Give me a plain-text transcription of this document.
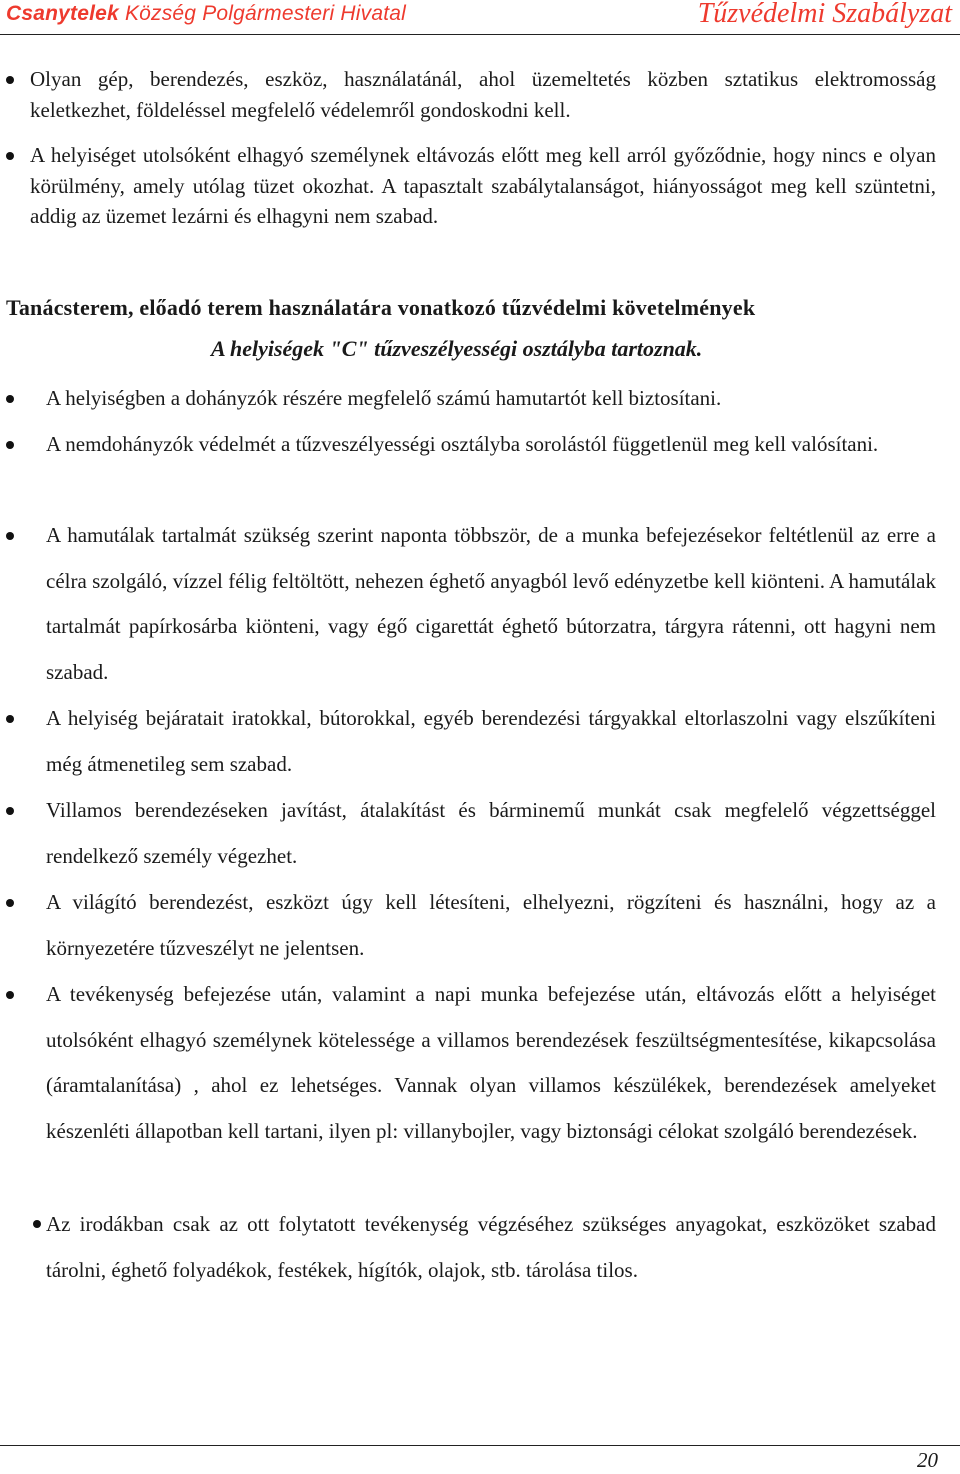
Csanytelek Község Polgármesteri Hivatal	Tűzvédelmi Szabályzat
Olyan gép, berendezés, eszköz, használatánál, ahol üzemeltetés közben sztatikus elektromosság keletkezhet, földeléssel megfelelő védelemről gondoskodni kell.
A helyiséget utolsóként elhagyó személynek eltávozás előtt meg kell arról győződnie, hogy nincs e olyan körülmény, amely utólag tüzet okozhat. A tapasztalt szabálytalanságot, hiányosságot meg kell szüntetni, addig az üzemet lezárni és elhagyni nem szabad.
Tanácsterem, előadó terem használatára vonatkozó tűzvédelmi követelmények
A helyiségek "C" tűzveszélyességi osztályba tartoznak.
A helyiségben a dohányzók részére megfelelő számú hamutartót kell biztosítani.
A nemdohányzók védelmét a tűzveszélyességi osztályba sorolástól függetlenül meg kell valósítani.
A hamutálak tartalmát szükség szerint naponta többször, de a munka befejezésekor feltétlenül az erre a célra szolgáló, vízzel félig feltöltött, nehezen éghető anyagból levő edényzetbe kell kiönteni. A hamutálak tartalmát papírkosárba kiönteni, vagy égő cigarettát éghető bútorzatra, tárgyra rátenni, ott hagyni nem szabad.
A helyiség bejáratait iratokkal, bútorokkal, egyéb berendezési tárgyakkal eltorlaszolni vagy elszűkíteni még átmenetileg sem szabad.
Villamos berendezéseken javítást, átalakítást és bárminemű munkát csak megfelelő végzettséggel rendelkező személy végezhet.
A világító berendezést, eszközt úgy kell létesíteni, elhelyezni, rögzíteni és használni, hogy az a környezetére tűzveszélyt ne jelentsen.
A tevékenység befejezése után, valamint a napi munka befejezése után, eltávozás előtt a helyiséget utolsóként elhagyó személynek kötelessége a villamos berendezések feszültségmentesítése, kikapcsolása (áramtalanítása) , ahol ez lehetséges. Vannak olyan villamos készülékek, berendezések amelyeket készenléti állapotban kell tartani, ilyen pl: villanybojler, vagy biztonsági célokat szolgáló berendezések.
Az irodákban csak az ott folytatott tevékenység végzéséhez szükséges anyagokat, eszközöket szabad tárolni, éghető folyadékok, festékek, hígítók, olajok, stb. tárolása tilos.
20
